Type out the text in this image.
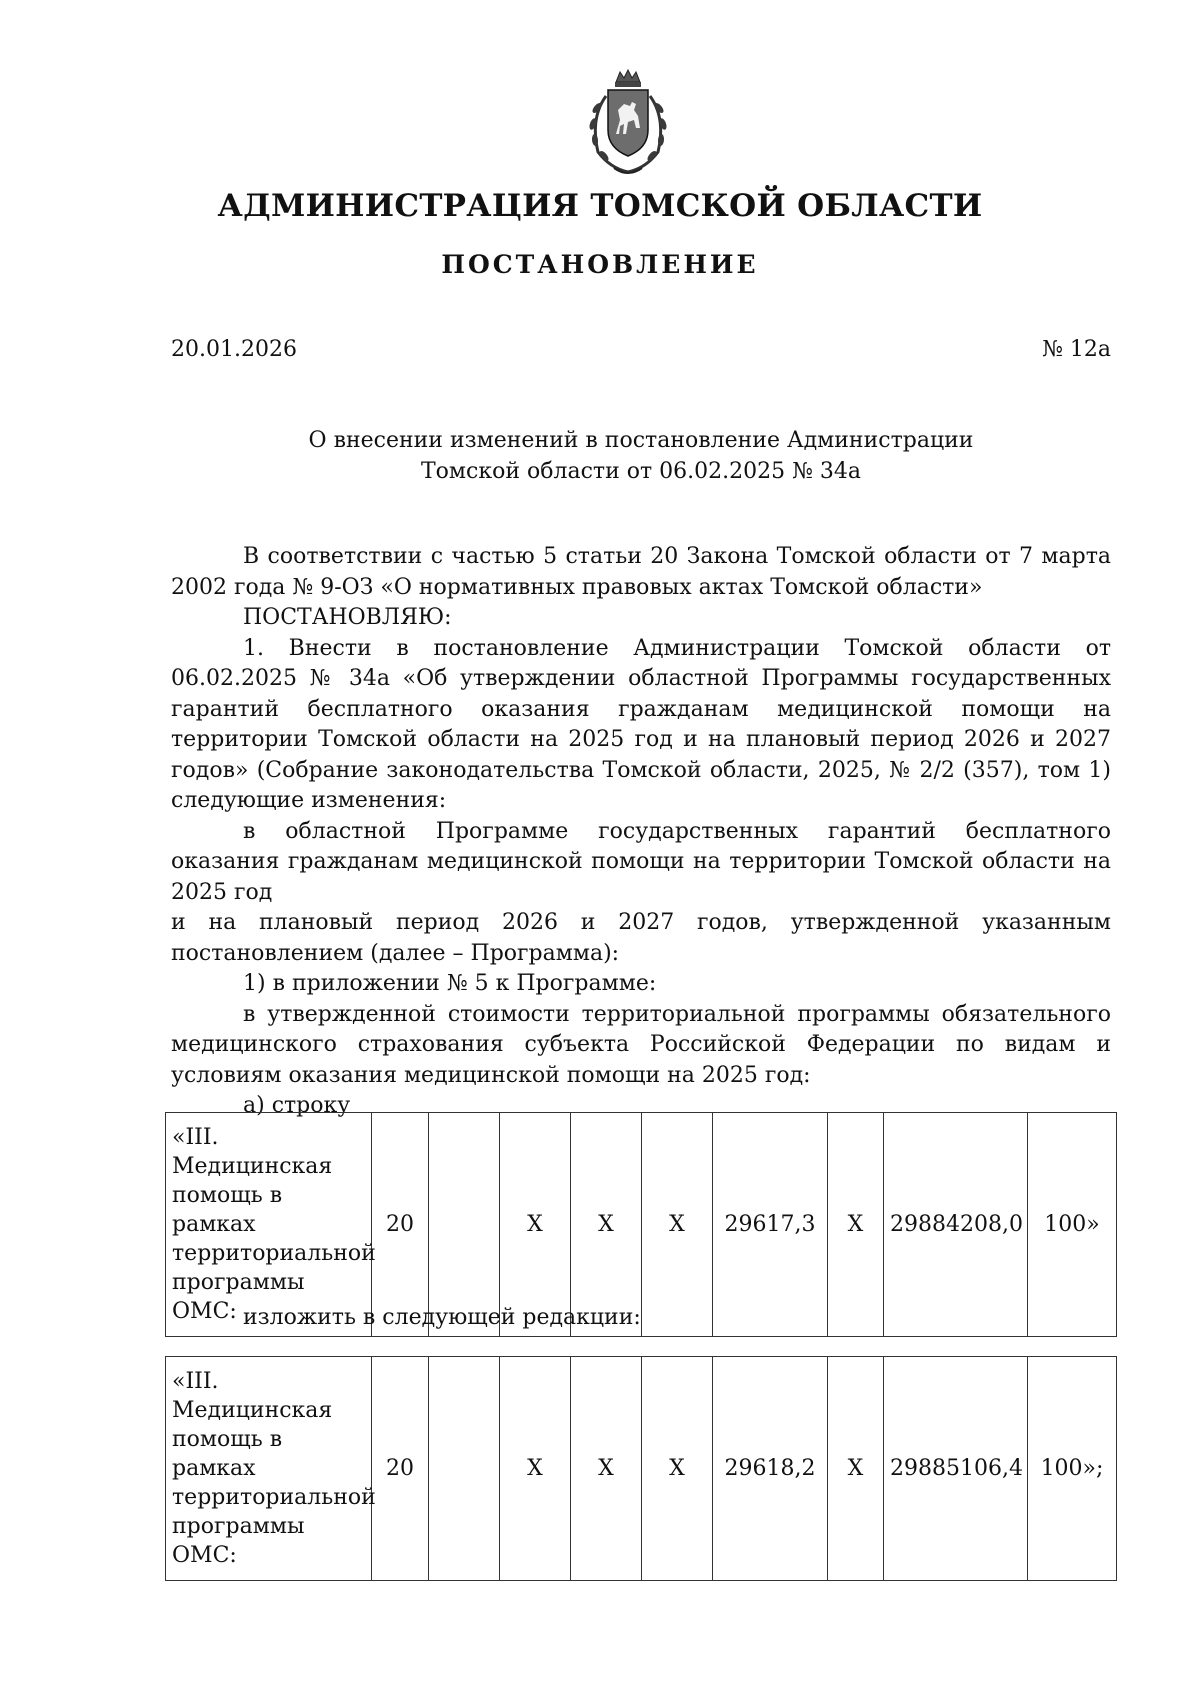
АДМИНИСТРАЦИЯ ТОМСКОЙ ОБЛАСТИ
ПОСТАНОВЛЕНИЕ
20.01.2026	№ 12а
О внесении изменений в постановление Администрации
Томской области от 06.02.2025 № 34а

В соответствии с частью 5 статьи 20 Закона Томской области от 7 марта 2002 года № 9-ОЗ «О нормативных правовых актах Томской области»

ПОСТАНОВЛЯЮ:

1. Внести в постановление Администрации Томской области от 06.02.2025 № 34а «Об утверждении областной Программы государственных гарантий бесплатного оказания гражданам медицинской помощи на территории Томской области на 2025 год и на плановый период 2026 и 2027 годов» (Собрание законодательства Томской области, 2025, № 2/2 (357), том 1) следующие изменения:

в областной Программе государственных гарантий бесплатного оказания гражданам медицинской помощи на территории Томской области на 2025 год

и на плановый период 2026 и 2027 годов, утвержденной указанным

постановлением (далее – Программа):

1) в приложении № 5 к Программе:

в утвержденной стоимости территориальной программы обязательного медицинского страхования субъекта Российской Федерации по видам и условиям оказания медицинской помощи на 2025 год:

а) строку

«III. Медицинская помощь в рамках территориальной программы ОМС:	20		X	X	X	29617,3	X	29884208,0	100»
изложить в следующей редакции:
«III. Медицинская помощь в рамках территориальной программы ОМС:	20		X	X	X	29618,2	X	29885106,4	100»;
